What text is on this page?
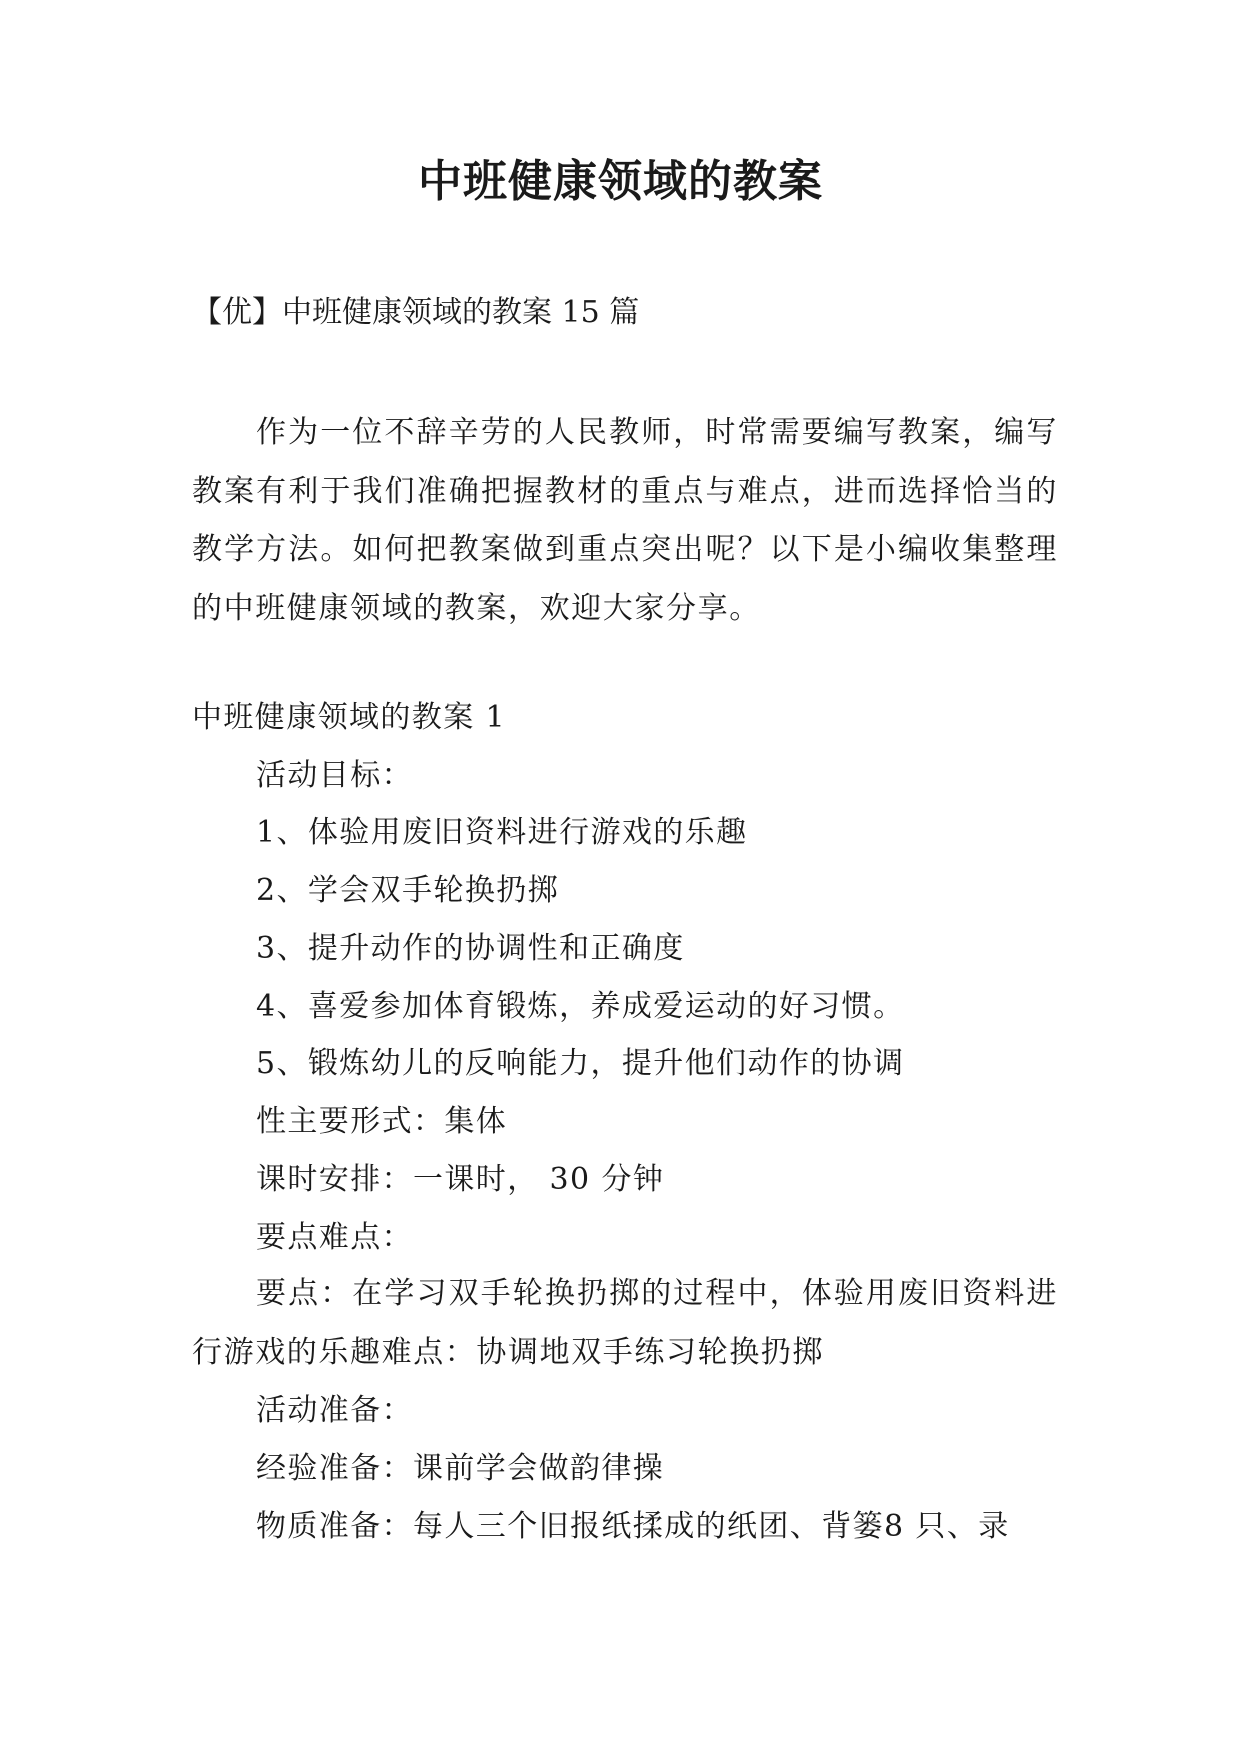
中班健康领域的教案

【优】中班健康领域的教案 15 篇

作为一位不辞辛劳的人民教师，时常需要编写教案，编写教案有利于我们准确把握教材的重点与难点，进而选择恰当的教学方法。如何把教案做到重点突出呢？以下是小编收集整理的中班健康领域的教案，欢迎大家分享。

中班健康领域的教案 1

活动目标：

1、体验用废旧资料进行游戏的乐趣

2、学会双手轮换扔掷

3、提升动作的协调性和正确度

4、喜爱参加体育锻炼，养成爱运动的好习惯。

5、锻炼幼儿的反响能力，提升他们动作的协调

性主要形式：集体

课时安排：一课时， 30 分钟

要点难点：

要点：在学习双手轮换扔掷的过程中，体验用废旧资料进行游戏的乐趣难点：协调地双手练习轮换扔掷

活动准备：

经验准备：课前学会做韵律操

物质准备：每人三个旧报纸揉成的纸团、背篓8 只、录
